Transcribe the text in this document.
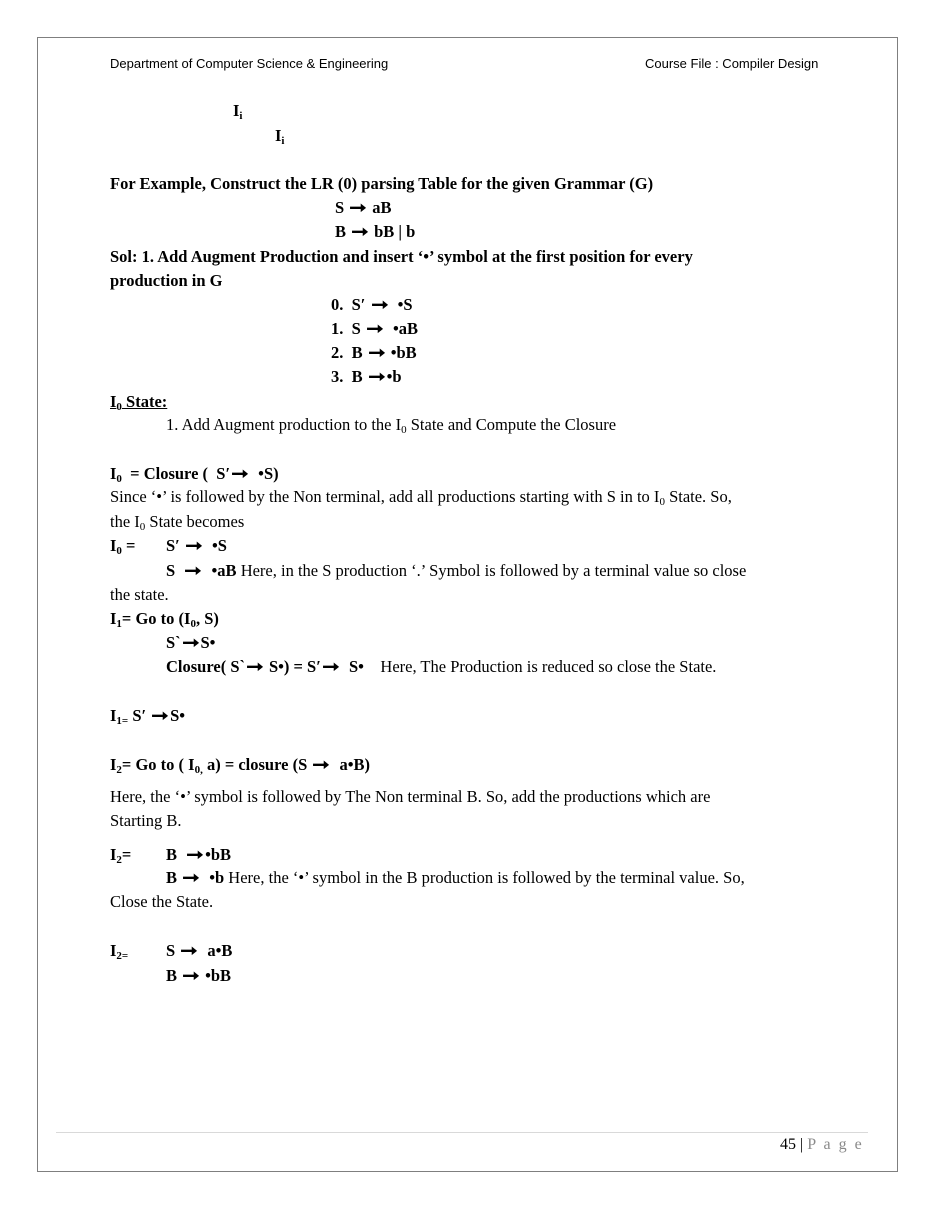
Department of Computer Science & Engineering	Course File : Compiler Design
$I_i$
$I_i$
For Example, Construct the LR (0) parsing Table for the given Grammar (G)
S ➞ aB
B ➞ bB | b
Sol: 1. Add Augment Production and insert ‘•’ symbol at the first position for every
production in G
0. S′ ➞ •S
1. S ➞ •aB
2. B ➞ •bB
3. B ➞•b
$I_0$ State:
1. Add Augment production to the $I_0$ State and Compute the Closure
$I_0$  = Closure (  S′➞  •S)
Since ‘•’ is followed by the Non terminal, add all productions starting with S in to $I_0$ State. So,
the $I_0$ State becomes
$I_0 = S'$ ➞ •S
S ➞ •aB Here, in the S production ‘.’ Symbol is followed by a terminal value so close
the state.
$I_1= Go$ to ($I_0$, S)
S`➞S•
Closure( S`➞ S•) = S′➞  S• Here, The Production is reduced so close the State.
$I_{1=}$ S′ ➞S•
$I_2= Go$ to ( $I_{0,}$ a) = closure (S ➞  a•B)
Here, the ‘•’ symbol is followed by The Non terminal B. So, add the productions which are
Starting B.
$I_2= B$ ➞•bB
B ➞ •b Here, the ‘•’ symbol in the B production is followed by the terminal value. So,
Close the State.
$I_{2=}$ S ➞ a•B
B ➞ •bB
45 | P a g e
